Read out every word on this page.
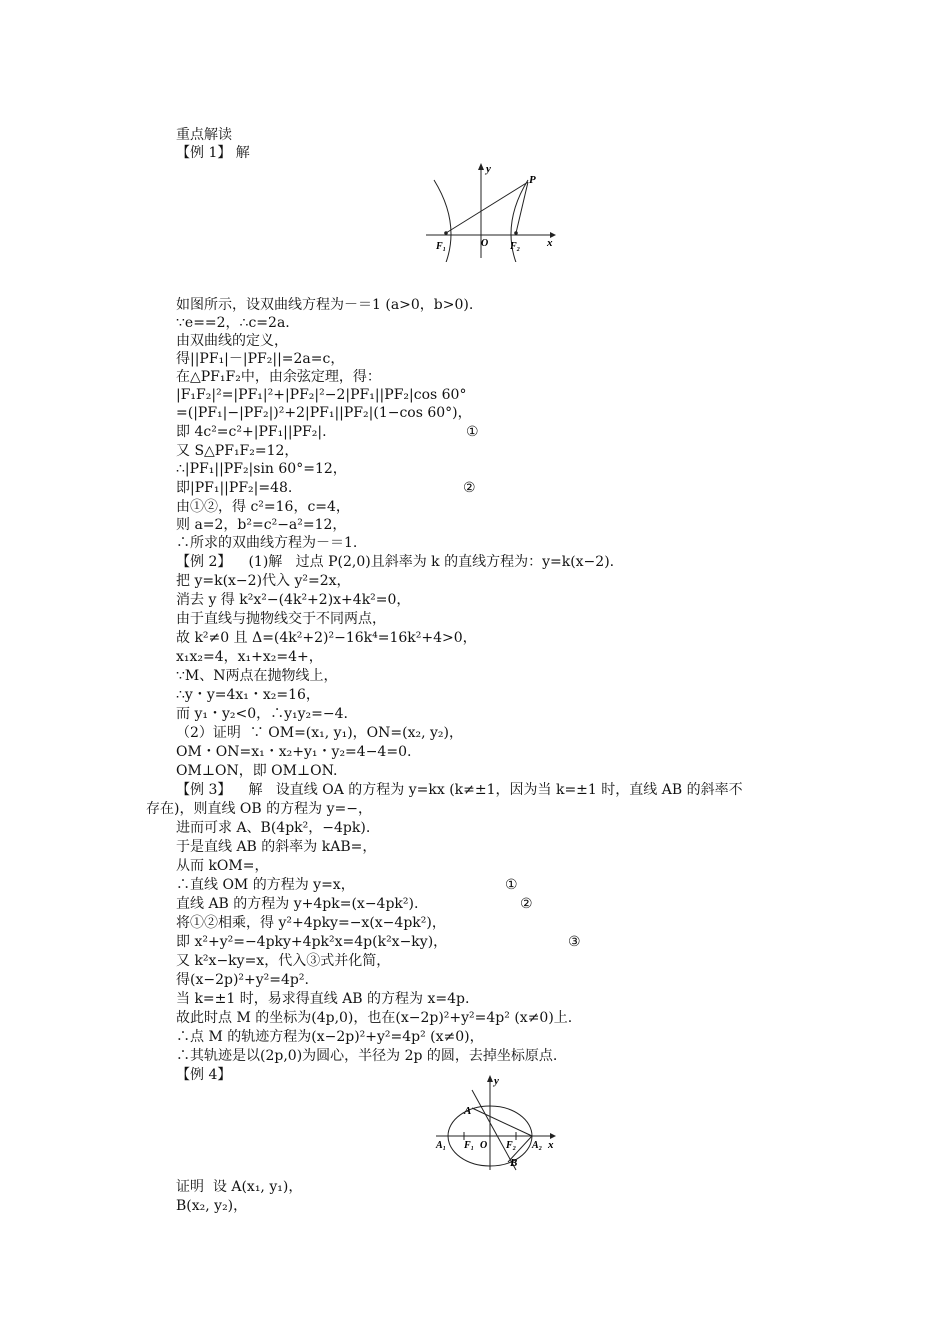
重点解读
【例 1】 解
y
x
P
F₁	O F₂
如图所示，设双曲线方程为－＝1 (a>0，b>0).
∵e==2，∴c=2a.
由双曲线的定义，
得||PF₁|－|PF₂||=2a=c，
在△PF₁F₂中，由余弦定理，得：
|F₁F₂|²=|PF₁|²+|PF₂|²−2|PF₁||PF₂|cos 60°
=(|PF₁|−|PF₂|)²+2|PF₁||PF₂|(1−cos 60°)，
即 4c²=c²+|PF₁||PF₂|.	①
又 S△PF₁F₂=12，
∴|PF₁||PF₂|sin 60°=12，
即|PF₁||PF₂|=48.	②
由①②，得 c²=16，c=4，
则 a=2，b²=c²−a²=12，
∴所求的双曲线方程为－＝1.
【例 2】 (1)解   过点 P(2,0)且斜率为 k 的直线方程为：y=k(x−2).
把 y=k(x−2)代入 y²=2x，
消去 y 得 k²x²−(4k²+2)x+4k²=0，
由于直线与抛物线交于不同两点，
故 k²≠0 且 Δ=(4k²+2)²−16k⁴=16k²+4>0，
x₁x₂=4，x₁+x₂=4+，
∵M、N两点在抛物线上，
∴y・y=4x₁・x₂=16，
而 y₁・y₂<0，∴y₁y₂=−4.
（2）证明  ∵ OM=(x₁, y₁)，ON=(x₂, y₂)，
OM・ON=x₁・x₂+y₁・y₂=4−4=0.
OM⊥ON，即 OM⊥ON.
【例 3】 解   设直线 OA 的方程为 y=kx (k≠±1，因为当 k=±1 时，直线 AB 的斜率不
存在)，则直线 OB 的方程为 y=−，
进而可求 A、B(4pk²，−4pk).
于是直线 AB 的斜率为 kAB=，
从而 kOM=，
∴直线 OM 的方程为 y=x，	①
直线 AB 的方程为 y+4pk=(x−4pk²).	②
将①②相乘，得 y²+4pky=−x(x−4pk²)，
即 x²+y²=−4pky+4pk²x=4p(k²x−ky)，	③
又 k²x−ky=x，代入③式并化简，
得(x−2p)²+y²=4p².
当 k=±1 时，易求得直线 AB 的方程为 x=4p.
故此时点 M 的坐标为(4p,0)，也在(x−2p)²+y²=4p² (x≠0)上.
∴点 M 的轨迹方程为(x−2p)²+y²=4p² (x≠0)，
∴其轨迹是以(2p,0)为圆心，半径为 2p 的圆，去掉坐标原点.
【例 4】	y
x
A
B
A₁ F₁ O F₂ A₂
证明  设 A(x₁, y₁)，
B(x₂, y₂)，
